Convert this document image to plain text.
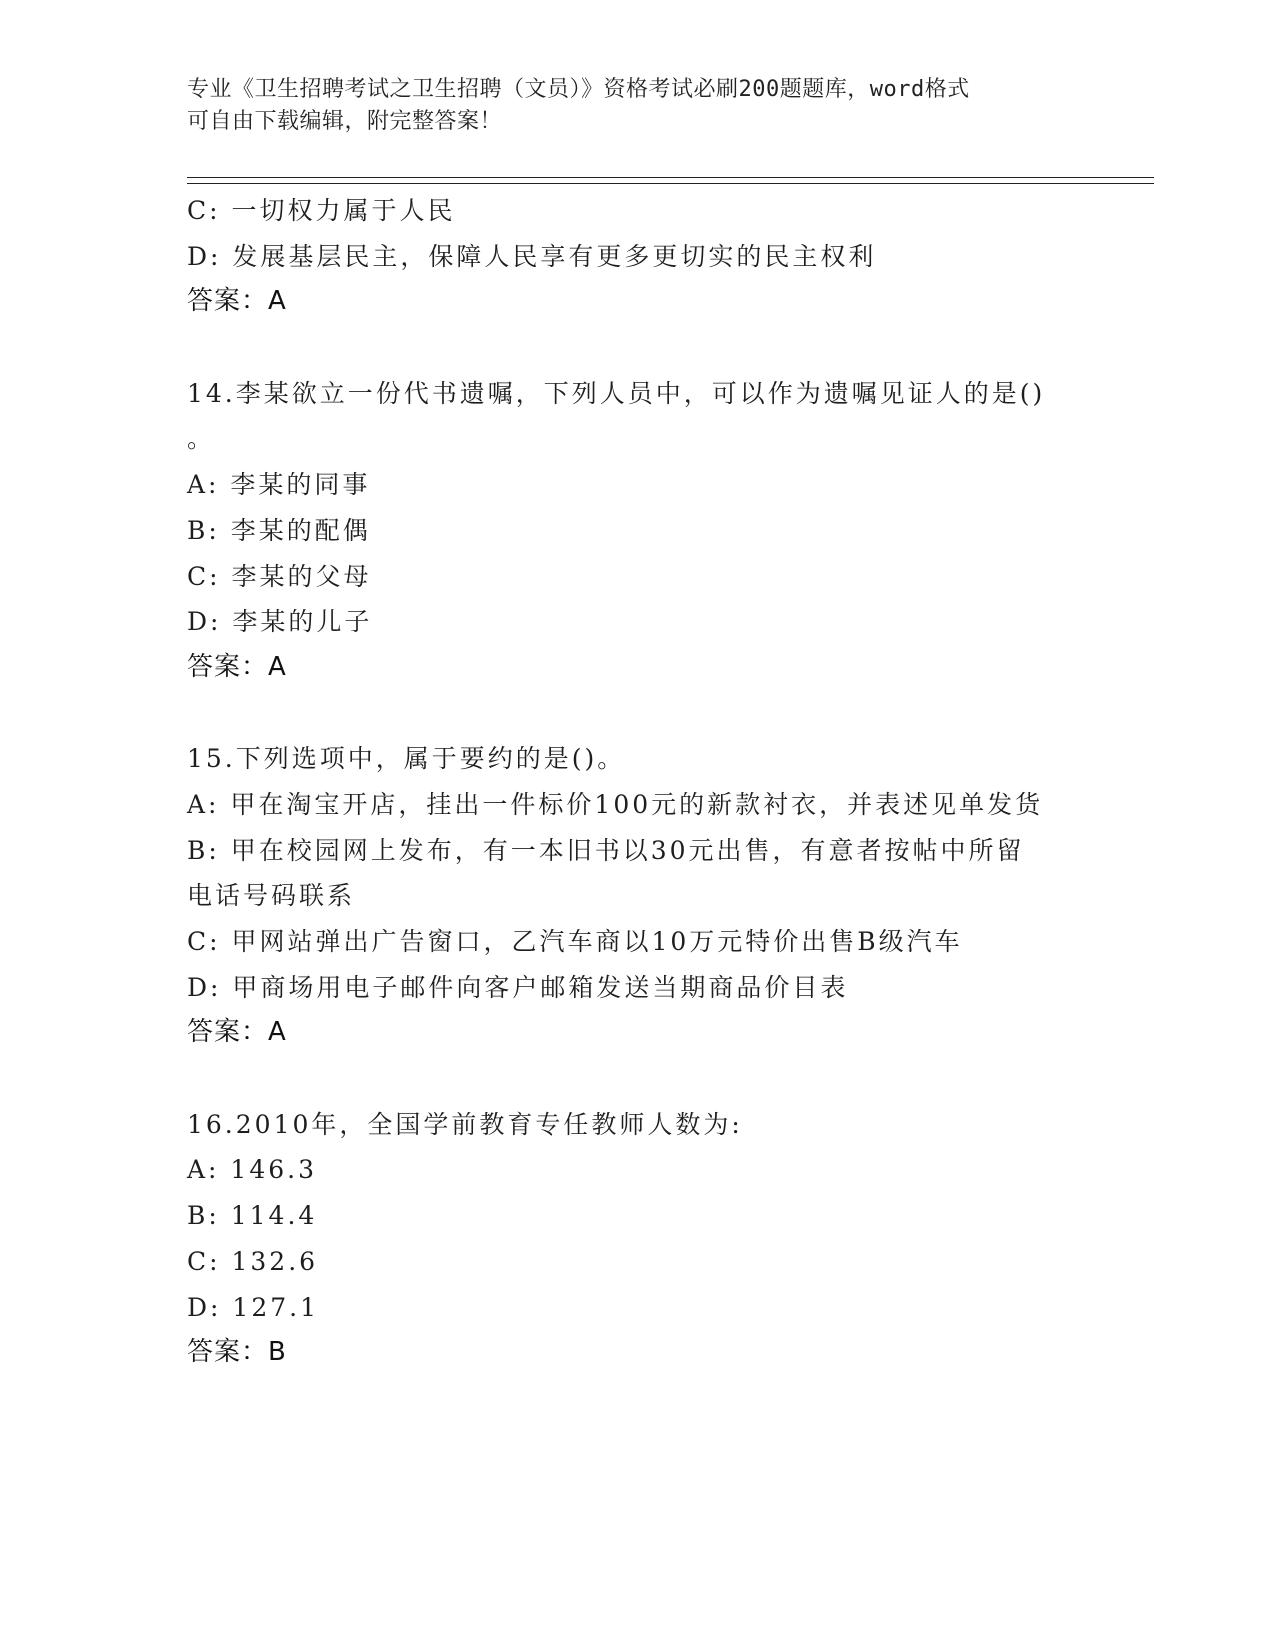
专业《卫生招聘考试之卫生招聘（文员）》资格考试必刷200题题库，word格式
可自由下载编辑，附完整答案！
C: 一切权力属于人民
D: 发展基层民主，保障人民享有更多更切实的民主权利
答案：A
14.李某欲立一份代书遗嘱，下列人员中，可以作为遗嘱见证人的是()
。
A: 李某的同事
B: 李某的配偶
C: 李某的父母
D: 李某的儿子
答案：A
15.下列选项中，属于要约的是()。
A: 甲在淘宝开店，挂出一件标价100元的新款衬衣，并表述见单发货
B: 甲在校园网上发布，有一本旧书以30元出售，有意者按帖中所留
电话号码联系
C: 甲网站弹出广告窗口，乙汽车商以10万元特价出售B级汽车
D: 甲商场用电子邮件向客户邮箱发送当期商品价目表
答案：A
16.2010年，全国学前教育专任教师人数为:
A: 146.3
B: 114.4
C: 132.6
D: 127.1
答案：B
